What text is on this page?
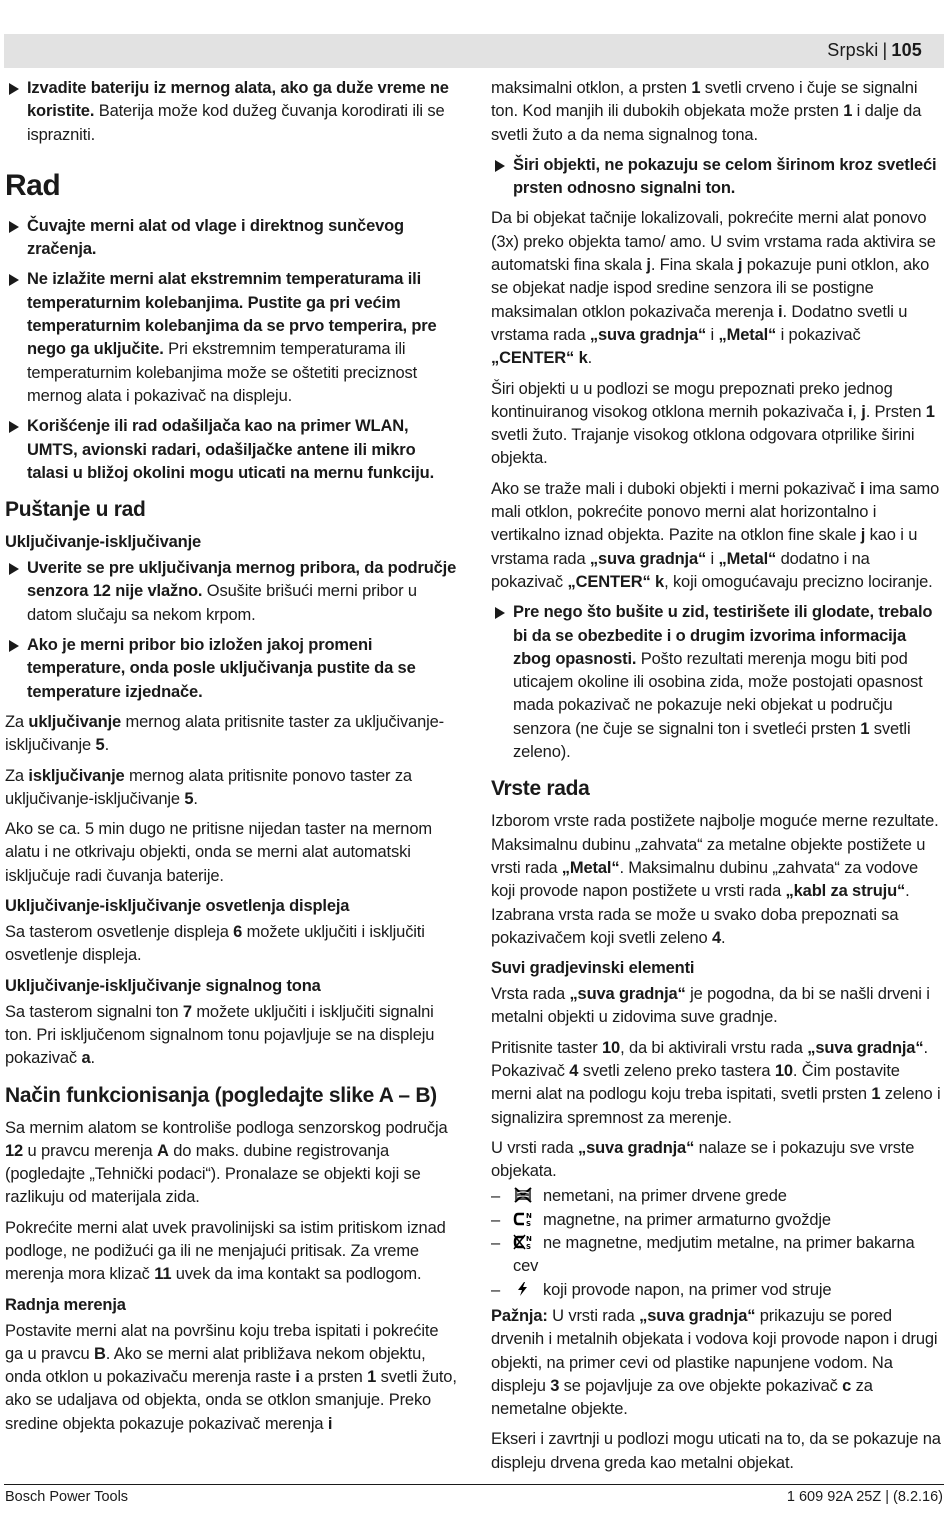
Srpski | 105
Izvadite bateriju iz mernog alata, ako ga duže vreme ne koristite. Baterija može kod dužeg čuvanja korodirati ili se isprazniti.
Rad
Čuvajte merni alat od vlage i direktnog sunčevog zračenja.
Ne izlažite merni alat ekstremnim temperaturama ili temperaturnim kolebanjima. Pustite ga pri većim temperaturnim kolebanjima da se prvo temperira, pre nego ga uključite. Pri ekstremnim temperaturama ili temperaturnim kolebanjima može se oštetiti preciznost mernog alata i pokazivač na displeju.
Korišćenje ili rad odašiljača kao na primer WLAN, UMTS, avionski radari, odašiljačke antene ili mikro talasi u bližoj okolini mogu uticati na mernu funkciju.
Puštanje u rad
Uključivanje-isključivanje
Uverite se pre uključivanja mernog pribora, da područje senzora 12 nije vlažno. Osušite brišući merni pribor u datom slučaju sa nekom krpom.
Ako je merni pribor bio izložen jakoj promeni temperature, onda posle uključivanja pustite da se temperature izjednače.

Za uključivanje mernog alata pritisnite taster za uključivanje-isključivanje 5.

Za isključivanje mernog alata pritisnite ponovo taster za uključivanje-isključivanje 5.

Ako se ca. 5 min dugo ne pritisne nijedan taster na mernom alatu i ne otkrivaju objekti, onda se merni alat automatski isključuje radi čuvanja baterije.

Uključivanje-isključivanje osvetlenja displeja

Sa tasterom osvetlenje displeja 6 možete uključiti i isključiti osvetlenje displeja.

Uključivanje-isključivanje signalnog tona

Sa tasterom signalni ton 7 možete uključiti i isključiti signalni ton. Pri isključenom signalnom tonu pojavljuje se na displeju pokazivač a.

Način funkcionisanja (pogledajte slike A – B)

Sa mernim alatom se kontroliše podloga senzorskog područja 12 u pravcu merenja A do maks. dubine registrovanja (pogledajte „Tehnički podaci“). Pronalaze se objekti koji se razlikuju od materijala zida.

Pokrećite merni alat uvek pravolinijski sa istim pritiskom iznad podloge, ne podižući ga ili ne menjajući pritisak. Za vreme merenja mora klizač 11 uvek da ima kontakt sa podlogom.

Radnja merenja

Postavite merni alat na površinu koju treba ispitati i pokrećite ga u pravcu B. Ako se merni alat približava nekom objektu, onda otklon u pokazivaču merenja raste i a prsten 1 svetli žuto, ako se udaljava od objekta, onda se otklon smanjuje. Preko sredine objekta pokazuje pokazivač merenja i

maksimalni otklon, a prsten 1 svetli crveno i čuje se signalni ton. Kod manjih ili dubokih objekata može prsten 1 i dalje da svetli žuto a da nema signalnog tona.

Širi objekti, ne pokazuju se celom širinom kroz svetleći prsten odnosno signalni ton.

Da bi objekat tačnije lokalizovali, pokrećite merni alat ponovo (3x) preko objekta tamo/ amo. U svim vrstama rada aktivira se automatski fina skala j. Fina skala j pokazuje puni otklon, ako se objekat nadje ispod sredine senzora ili se postigne maksimalan otklon pokazivača merenja i. Dodatno svetli u vrstama rada „suva gradnja“ i „Metal“ i pokazivač „CENTER“ k.

Širi objekti u u podlozi se mogu prepoznati preko jednog kontinuiranog visokog otklona mernih pokazivača i, j. Prsten 1 svetli žuto. Trajanje visokog otklona odgovara otprilike širini objekta.

Ako se traže mali i duboki objekti i merni pokazivač i ima samo mali otklon, pokrećite ponovo merni alat horizontalno i vertikalno iznad objekta. Pazite na otklon fine skale j kao i u vrstama rada „suva gradnja“ i „Metal“ dodatno i na pokazivač „CENTER“ k, koji omogućavaju precizno lociranje.

Pre nego što bušite u zid, testirišete ili glodate, trebalo bi da se obezbedite i o drugim izvorima informacija zbog opasnosti. Pošto rezultati merenja mogu biti pod uticajem okoline ili osobina zida, može postojati opasnost mada pokazivač ne pokazuje neki objekat u području senzora (ne čuje se signalni ton i svetleći prsten 1 svetli zeleno).
Vrste rada

Izborom vrste rada postižete najbolje moguće merne rezultate. Maksimalnu dubinu „zahvata“ za metalne objekte postižete u vrsti rada „Metal“. Maksimalnu dubinu „zahvata“ za vodove koji provode napon postižete u vrsti rada „kabl za struju“. Izabrana vrsta rada se može u svako doba prepoznati sa pokazivačem koji svetli zeleno 4.

Suvi gradjevinski elementi

Vrsta rada „suva gradnja“ je pogodna, da bi se našli drveni i metalni objekti u zidovima suve gradnje.

Pritisnite taster 10, da bi aktivirali vrstu rada „suva gradnja“. Pokazivač 4 svetli zeleno preko tastera 10. Čim postavite merni alat na podlogu koju treba ispitati, svetli prsten 1 zeleno i signalizira spremnost za merenje.

U vrsti rada „suva gradnja“ nalaze se i pokazuju sve vrste objekata.

–	nemetani, na primer drvene grede
–	N
S magnetne, na primer armaturno gvoždje
–	N
S ne magnetne, medjutim metalne, na primer bakarna cev
–	koji provode napon, na primer vod struje

Pažnja: U vrsti rada „suva gradnja“ prikazuju se pored drvenih i metalnih objekata i vodova koji provode napon i drugi objekti, na primer cevi od plastike napunjene vodom. Na displeju 3 se pojavljuje za ove objekte pokazivač c za nemetalne objekte.

Ekseri i zavrtnji u podlozi mogu uticati na to, da se pokazuje na displeju drvena greda kao metalni objekat.

Bosch Power Tools	1 609 92A 25Z | (8.2.16)
